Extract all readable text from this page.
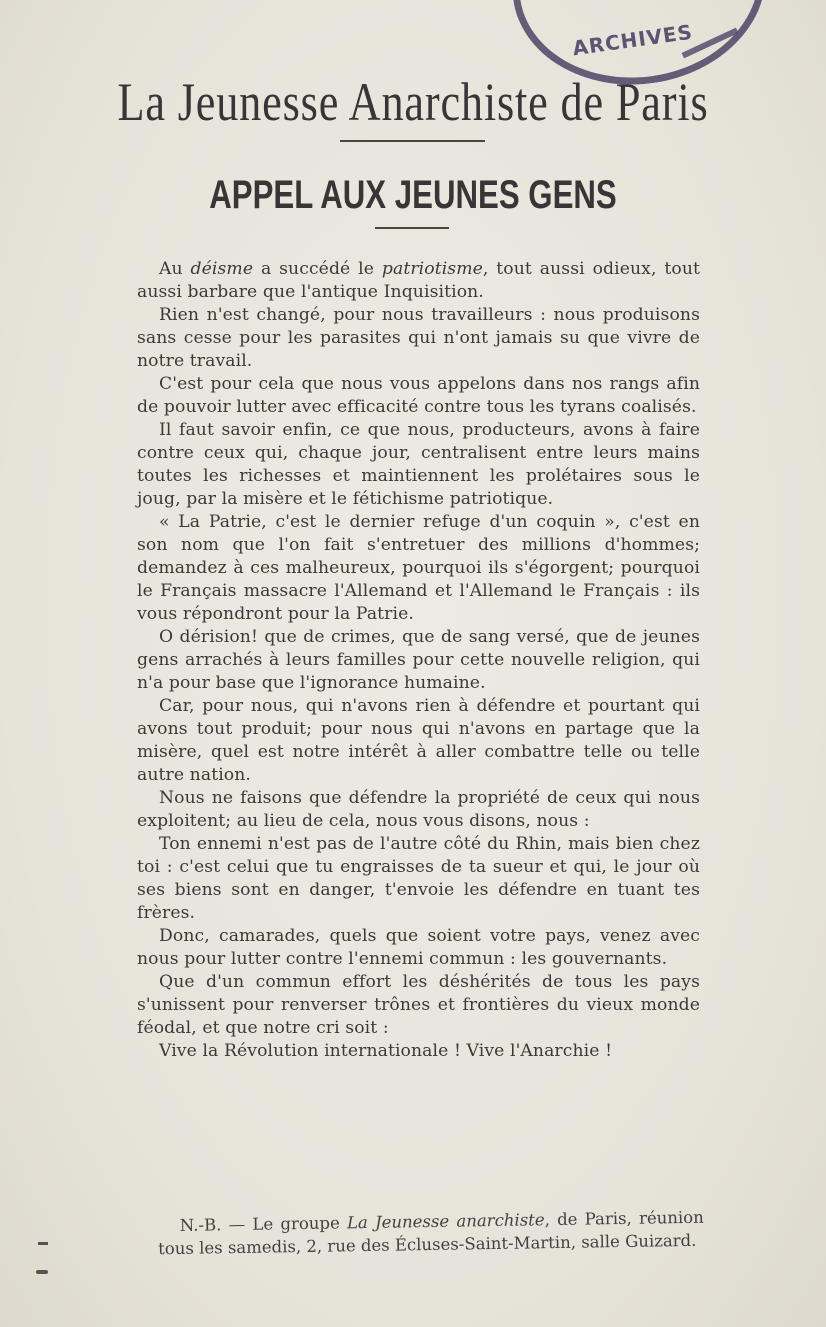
ARCHIVES
La Jeunesse Anarchiste de Paris
APPEL AUX JEUNES GENS

Au déisme a succédé le patriotisme, tout aussi odieux, tout aussi barbare que l'antique Inquisition.

Rien n'est changé, pour nous travailleurs : nous produisons sans cesse pour les parasites qui n'ont jamais su que vivre de notre travail.

C'est pour cela que nous vous appelons dans nos rangs afin de pouvoir lutter avec efficacité contre tous les tyrans coalisés.

Il faut savoir enfin, ce que nous, producteurs, avons à faire contre ceux qui, chaque jour, centralisent entre leurs mains toutes les richesses et maintiennent les prolétaires sous le joug, par la misère et le fétichisme patriotique.

« La Patrie, c'est le dernier refuge d'un coquin », c'est en son nom que l'on fait s'entretuer des millions d'hommes; demandez à ces malheureux, pourquoi ils s'égorgent; pourquoi le Français massacre l'Allemand et l'Allemand le Français : ils vous répondront pour la Patrie.

O dérision! que de crimes, que de sang versé, que de jeunes gens arrachés à leurs familles pour cette nouvelle religion, qui n'a pour base que l'ignorance humaine.

Car, pour nous, qui n'avons rien à défendre et pourtant qui avons tout produit; pour nous qui n'avons en partage que la misère, quel est notre intérêt à aller combattre telle ou telle autre nation.

Nous ne faisons que défendre la propriété de ceux qui nous exploitent; au lieu de cela, nous vous disons, nous :

Ton ennemi n'est pas de l'autre côté du Rhin, mais bien chez toi : c'est celui que tu engraisses de ta sueur et qui, le jour où ses biens sont en danger, t'envoie les défendre en tuant tes frères.

Donc, camarades, quels que soient votre pays, venez avec nous pour lutter contre l'ennemi commun : les gouvernants.

Que d'un commun effort les déshérités de tous les pays s'unissent pour renverser trônes et frontières du vieux monde féodal, et que notre cri soit :

Vive la Révolution internationale ! Vive l'Anarchie !

N.-B. — Le groupe La Jeunesse anarchiste, de Paris, réunion tous les samedis, 2, rue des Écluses-Saint-Martin, salle Guizard.
